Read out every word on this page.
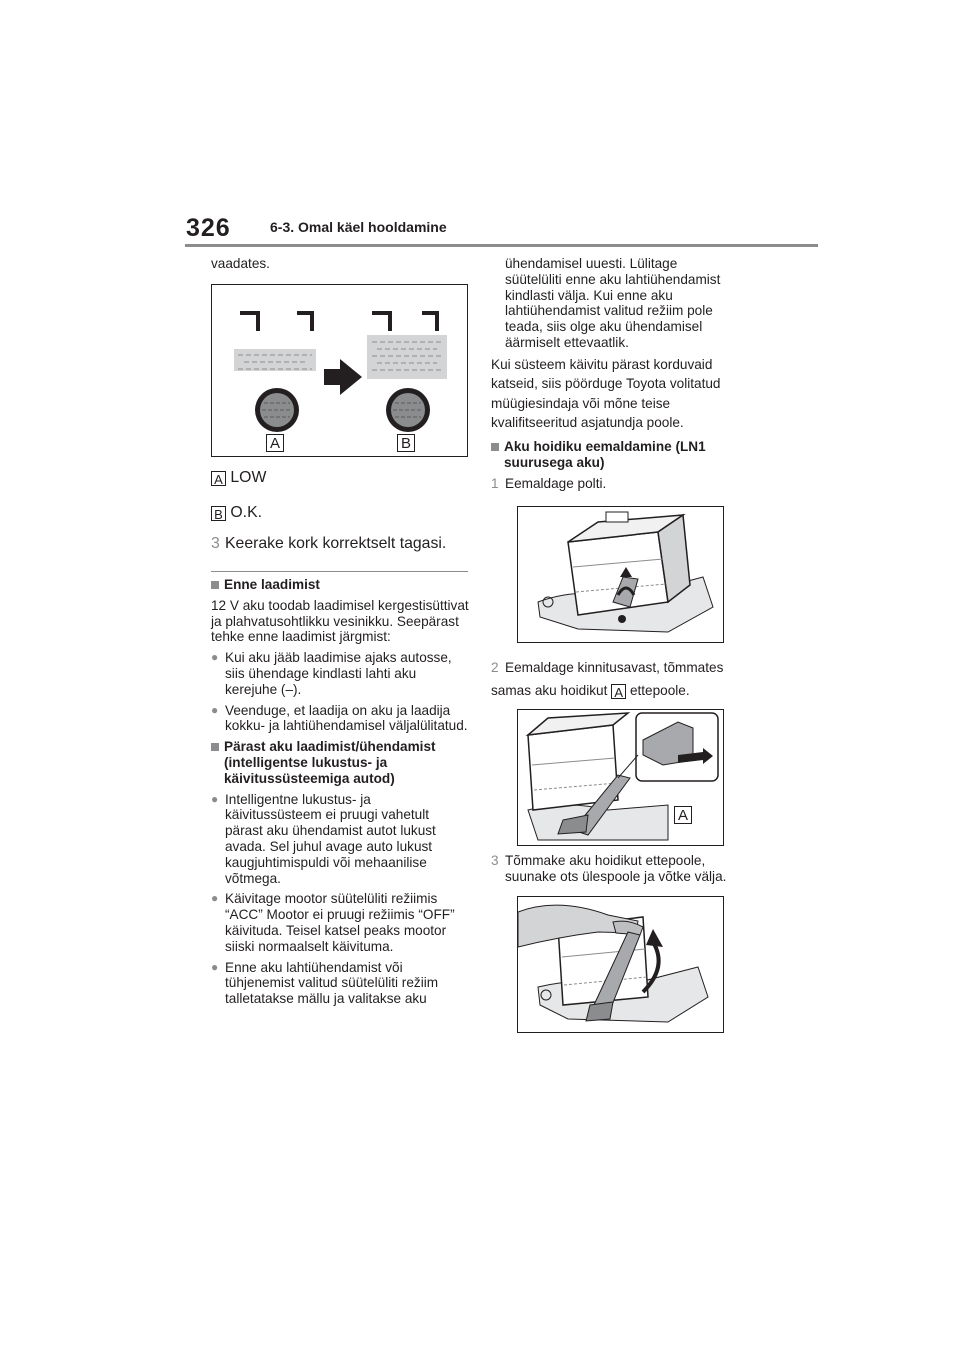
326	6-3. Omal käel hooldamine
vaadates.
A	B
A LOW
B O.K.
3 Keerake kork korrektselt tagasi.

Enne laadimist

12 V aku toodab laadimisel kergestisüttivat ja plahvatusohtlikku vesinikku. Seepärast tehke enne laadimist järgmist:

● Kui aku jääb laadimise ajaks autosse, siis ühendage kindlasti lahti aku kerejuhe (–).

● Veenduge, et laadija on aku ja laadija kokku- ja lahtiühendamisel väljalülitatud.

Pärast aku laadimist/ühendamist (intelligentse lukustus- ja käivitussüsteemiga autod)

● Intelligentne lukustus- ja käivitussüsteem ei pruugi vahetult pärast aku ühendamist autot lukust avada. Sel juhul avage auto lukust kaugjuhtimispuldi või mehaanilise võtmega.

● Käivitage mootor süütelüliti režiimis “ACC” Mootor ei pruugi režiimis “OFF” käivituda. Teisel katsel peaks mootor siiski normaalselt käivituma.

● Enne aku lahtiühendamist või tühjenemist valitud süütelüliti režiim talletatakse mällu ja valitakse aku

ühendamisel uuesti. Lülitage süütelüliti enne aku lahtiühendamist kindlasti välja. Kui enne aku lahtiühendamist valitud režiim pole teada, siis olge aku ühendamisel äärmiselt ettevaatlik.

Kui süsteem käivitu pärast korduvaid katseid, siis pöörduge Toyota volitatud müügiesindaja või mõne teise kvalifitseeritud asjatundja poole.

Aku hoidiku eemaldamine (LN1 suurusega aku)

1 Eemaldage polti.

2 Eemaldage kinnitusavast, tõmmates samas aku hoidikut A ettepoole.

A

3 Tõmmake aku hoidikut ettepoole, suunake ots ülespoole ja võtke välja.
